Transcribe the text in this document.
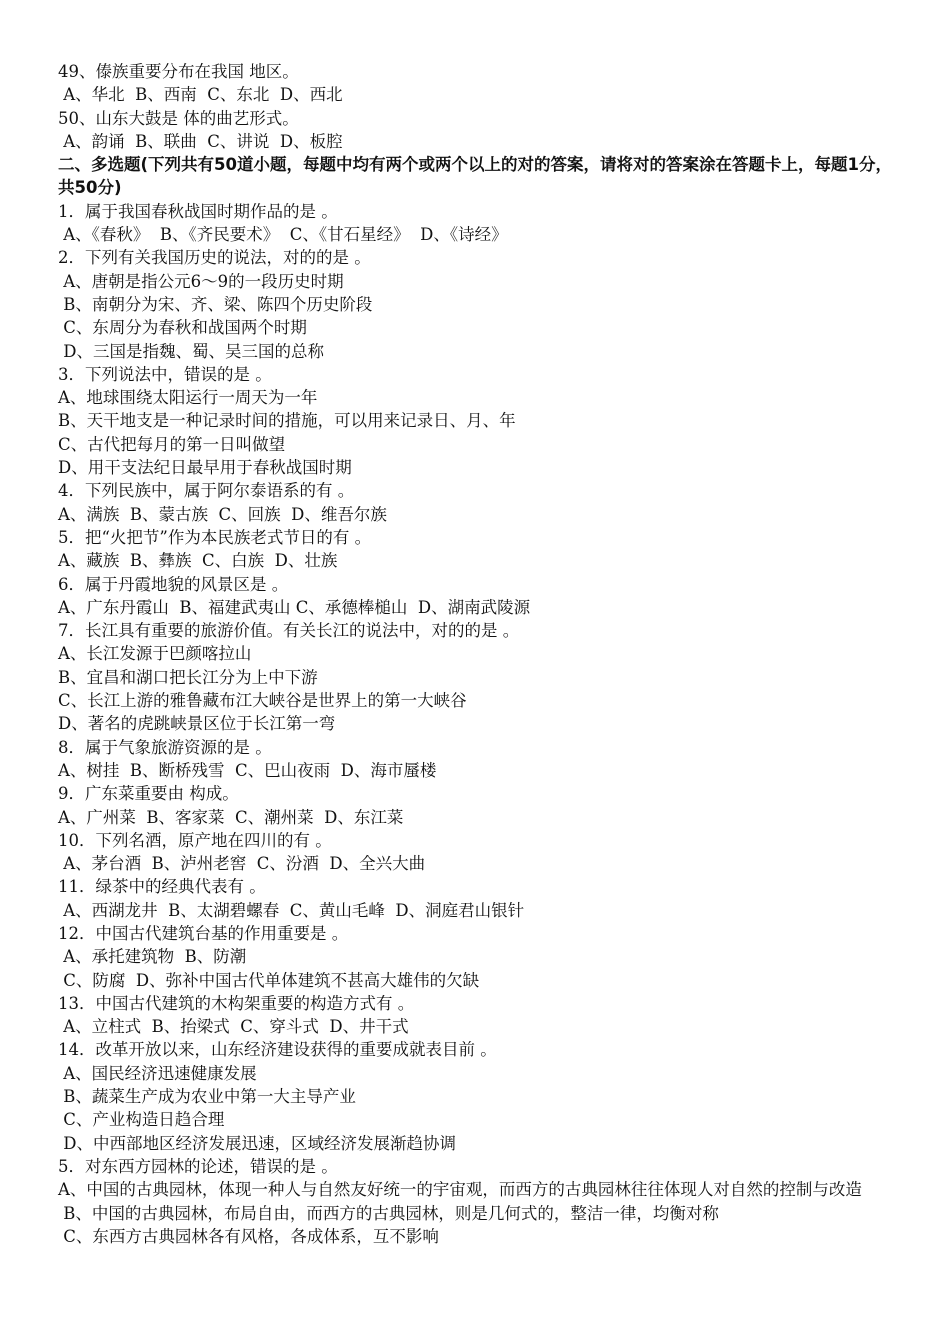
49、傣族重要分布在我国 地区。
A、华北  B、西南  C、东北  D、西北
50、山东大鼓是 体的曲艺形式。
A、韵诵  B、联曲  C、讲说  D、板腔
二、多选题(下列共有50道小题，每题中均有两个或两个以上的对的答案，请将对的答案涂在答题卡上，每题1分，共50分)
1．属于我国春秋战国时期作品的是 。
A、《春秋》  B、《齐民要术》  C、《甘石星经》  D、《诗经》
2．下列有关我国历史的说法，对的的是 。
A、唐朝是指公元6～9的一段历史时期
B、南朝分为宋、齐、梁、陈四个历史阶段
C、东周分为春秋和战国两个时期
D、三国是指魏、蜀、吴三国的总称
3．下列说法中，错误的是 。
A、地球围绕太阳运行一周天为一年
B、天干地支是一种记录时间的措施，可以用来记录日、月、年
C、古代把每月的第一日叫做望
D、用干支法纪日最早用于春秋战国时期
4．下列民族中，属于阿尔泰语系的有 。
A、满族  B、蒙古族  C、回族  D、维吾尔族
5．把“火把节”作为本民族老式节日的有 。
A、藏族  B、彝族  C、白族  D、壮族
6．属于丹霞地貌的风景区是 。
A、广东丹霞山  B、福建武夷山 C、承德棒槌山  D、湖南武陵源
7．长江具有重要的旅游价值。有关长江的说法中，对的的是 。
A、长江发源于巴颜喀拉山
B、宜昌和湖口把长江分为上中下游
C、长江上游的雅鲁藏布江大峡谷是世界上的第一大峡谷
D、著名的虎跳峡景区位于长江第一弯
8．属于气象旅游资源的是 。
A、树挂  B、断桥残雪  C、巴山夜雨  D、海市蜃楼
9．广东菜重要由 构成。
A、广州菜  B、客家菜  C、潮州菜  D、东江菜
10．下列名酒，原产地在四川的有 。
A、茅台酒  B、泸州老窖  C、汾酒  D、全兴大曲
11．绿茶中的经典代表有 。
A、西湖龙井  B、太湖碧螺春  C、黄山毛峰  D、洞庭君山银针
12．中国古代建筑台基的作用重要是 。
A、承托建筑物  B、防潮
C、防腐  D、弥补中国古代单体建筑不甚高大雄伟的欠缺
13．中国古代建筑的木构架重要的构造方式有 。
A、立柱式  B、抬梁式  C、穿斗式  D、井干式
14．改革开放以来，山东经济建设获得的重要成就表目前 。
A、国民经济迅速健康发展
B、蔬菜生产成为农业中第一大主导产业
C、产业构造日趋合理
D、中西部地区经济发展迅速，区域经济发展渐趋协调
5．对东西方园林的论述，错误的是 。
A、中国的古典园林，体现一种人与自然友好统一的宇宙观，而西方的古典园林往往体现人对自然的控制与改造
B、中国的古典园林，布局自由，而西方的古典园林，则是几何式的，整洁一律，均衡对称
C、东西方古典园林各有风格，各成体系，互不影响
